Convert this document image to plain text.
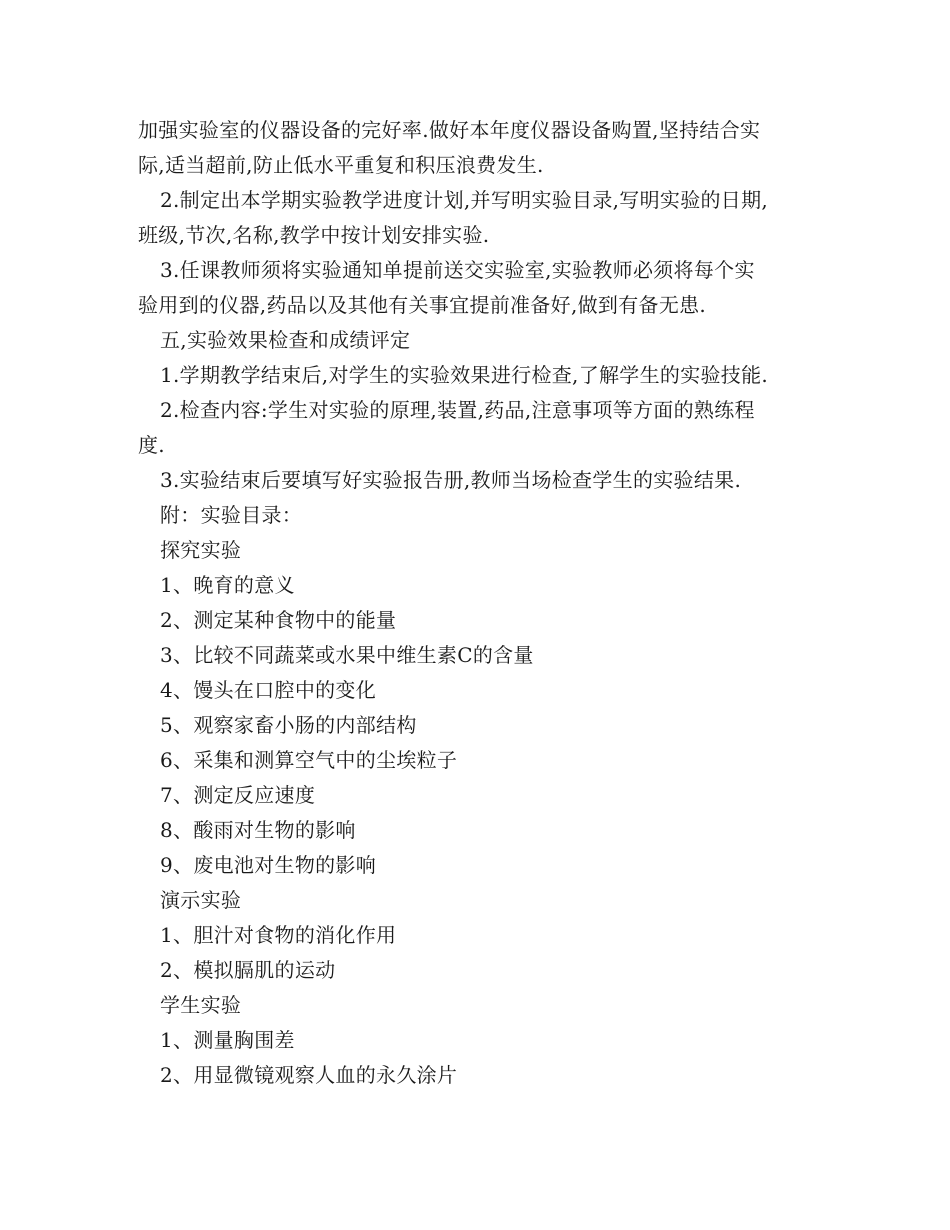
加强实验室的仪器设备的完好率.做好本年度仪器设备购置,坚持结合实
际,适当超前,防止低水平重复和积压浪费发生.
2.制定出本学期实验教学进度计划,并写明实验目录,写明实验的日期,
班级,节次,名称,教学中按计划安排实验.
3.任课教师须将实验通知单提前送交实验室,实验教师必须将每个实
验用到的仪器,药品以及其他有关事宜提前准备好,做到有备无患.
五,实验效果检查和成绩评定
1.学期教学结束后,对学生的实验效果进行检查,了解学生的实验技能.
2.检查内容:学生对实验的原理,装置,药品,注意事项等方面的熟练程
度.
3.实验结束后要填写好实验报告册,教师当场检查学生的实验结果.
附：实验目录：
探究实验
1、晚育的意义
2、测定某种食物中的能量
3、比较不同蔬菜或水果中维生素C的含量
4、馒头在口腔中的变化
5、观察家畜小肠的内部结构
6、采集和测算空气中的尘埃粒子
7、测定反应速度
8、酸雨对生物的影响
9、废电池对生物的影响
演示实验
1、胆汁对食物的消化作用
2、模拟膈肌的运动
学生实验
1、测量胸围差
2、用显微镜观察人血的永久涂片
